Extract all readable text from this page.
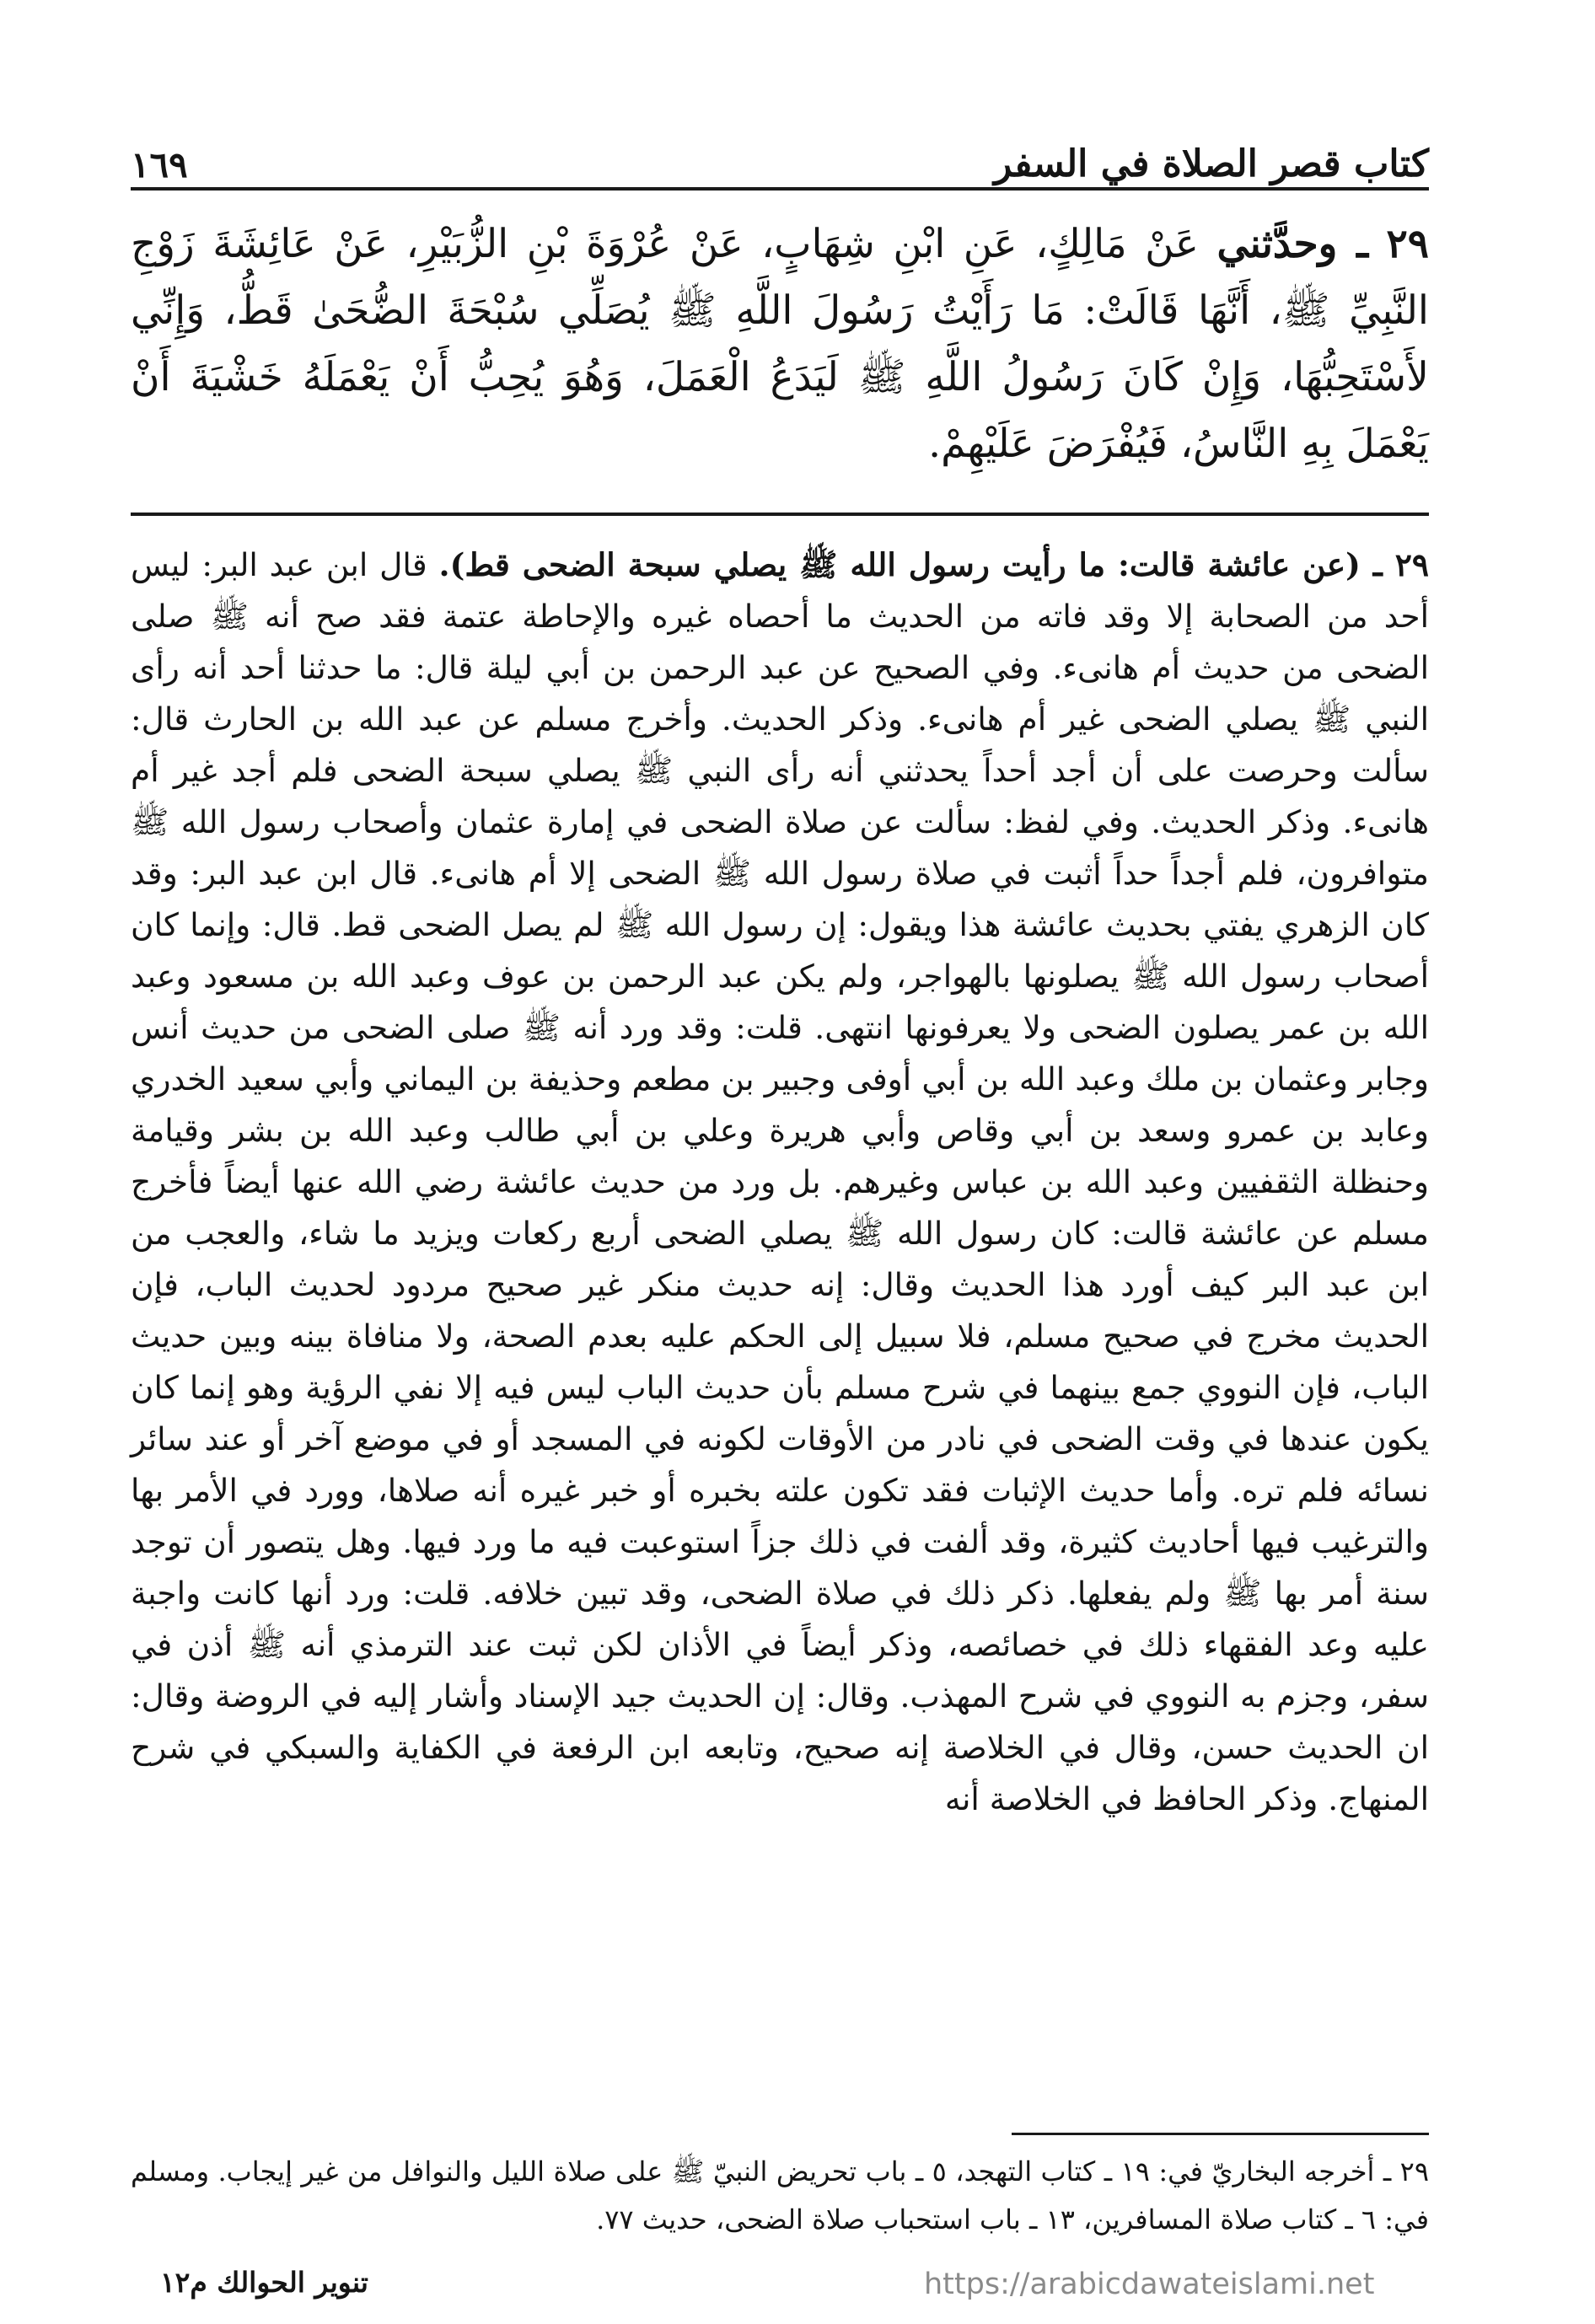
كتاب قصر الصلاة في السفر
١٦٩

٢٩ ـ وحدَّثني عَنْ مَالِكٍ، عَنِ ابْنِ شِهَابٍ، عَنْ عُرْوَةَ بْنِ الزُّبَيْرِ، عَنْ عَائِشَةَ زَوْجِ النَّبِيِّ ﷺ، أَنَّهَا قَالَتْ: مَا رَأَيْتُ رَسُولَ اللَّهِ ﷺ يُصَلِّي سُبْحَةَ الضُّحَىٰ قَطُّ، وَإِنِّي لأَسْتَحِبُّهَا، وَإِنْ كَانَ رَسُولُ اللَّهِ ﷺ لَيَدَعُ الْعَمَلَ، وَهُوَ يُحِبُّ أَنْ يَعْمَلَهُ خَشْيَةَ أَنْ يَعْمَلَ بِهِ النَّاسُ، فَيُفْرَضَ عَلَيْهِمْ.

٢٩ ـ (عن عائشة قالت: ما رأيت رسول الله ﷺ يصلي سبحة الضحى قط). قال ابن عبد البر: ليس أحد من الصحابة إلا وقد فاته من الحديث ما أحصاه غيره والإحاطة عتمة فقد صح أنه ﷺ صلى الضحى من حديث أم هانىء. وفي الصحيح عن عبد الرحمن بن أبي ليلة قال: ما حدثنا أحد أنه رأى النبي ﷺ يصلي الضحى غير أم هانىء. وذكر الحديث. وأخرج مسلم عن عبد الله بن الحارث قال: سألت وحرصت على أن أجد أحداً يحدثني أنه رأى النبي ﷺ يصلي سبحة الضحى فلم أجد غير أم هانىء. وذكر الحديث. وفي لفظ: سألت عن صلاة الضحى في إمارة عثمان وأصحاب رسول الله ﷺ متوافرون، فلم أجداً حداً أثبت في صلاة رسول الله ﷺ الضحى إلا أم هانىء. قال ابن عبد البر: وقد كان الزهري يفتي بحديث عائشة هذا ويقول: إن رسول الله ﷺ لم يصل الضحى قط. قال: وإنما كان أصحاب رسول الله ﷺ يصلونها بالهواجر، ولم يكن عبد الرحمن بن عوف وعبد الله بن مسعود وعبد الله بن عمر يصلون الضحى ولا يعرفونها انتهى. قلت: وقد ورد أنه ﷺ صلى الضحى من حديث أنس وجابر وعثمان بن ملك وعبد الله بن أبي أوفى وجبير بن مطعم وحذيفة بن اليماني وأبي سعيد الخدري وعابد بن عمرو وسعد بن أبي وقاص وأبي هريرة وعلي بن أبي طالب وعبد الله بن بشر وقيامة وحنظلة الثقفيين وعبد الله بن عباس وغيرهم. بل ورد من حديث عائشة رضي الله عنها أيضاً فأخرج مسلم عن عائشة قالت: كان رسول الله ﷺ يصلي الضحى أربع ركعات ويزيد ما شاء، والعجب من ابن عبد البر كيف أورد هذا الحديث وقال: إنه حديث منكر غير صحيح مردود لحديث الباب، فإن الحديث مخرج في صحيح مسلم، فلا سبيل إلى الحكم عليه بعدم الصحة، ولا منافاة بينه وبين حديث الباب، فإن النووي جمع بينهما في شرح مسلم بأن حديث الباب ليس فيه إلا نفي الرؤية وهو إنما كان يكون عندها في وقت الضحى في نادر من الأوقات لكونه في المسجد أو في موضع آخر أو عند سائر نسائه فلم تره. وأما حديث الإثبات فقد تكون علته بخبره أو خبر غيره أنه صلاها، وورد في الأمر بها والترغيب فيها أحاديث كثيرة، وقد ألفت في ذلك جزاً استوعبت فيه ما ورد فيها. وهل يتصور أن توجد سنة أمر بها ﷺ ولم يفعلها. ذكر ذلك في صلاة الضحى، وقد تبين خلافه. قلت: ورد أنها كانت واجبة عليه وعد الفقهاء ذلك في خصائصه، وذكر أيضاً في الأذان لكن ثبت عند الترمذي أنه ﷺ أذن في سفر، وجزم به النووي في شرح المهذب. وقال: إن الحديث جيد الإسناد وأشار إليه في الروضة وقال: ان الحديث حسن، وقال في الخلاصة إنه صحيح، وتابعه ابن الرفعة في الكفاية والسبكي في شرح المنهاج. وذكر الحافظ في الخلاصة أنه

٢٩ ـ أخرجه البخاريّ في: ١٩ ـ كتاب التهجد، ٥ ـ باب تحريض النبيّ ﷺ على صلاة الليل والنوافل من غير إيجاب. ومسلم في: ٦ ـ كتاب صلاة المسافرين، ١٣ ـ باب استحباب صلاة الضحى، حديث ٧٧.

تنوير الحوالك م١٢	https://arabicdawateislami.net
